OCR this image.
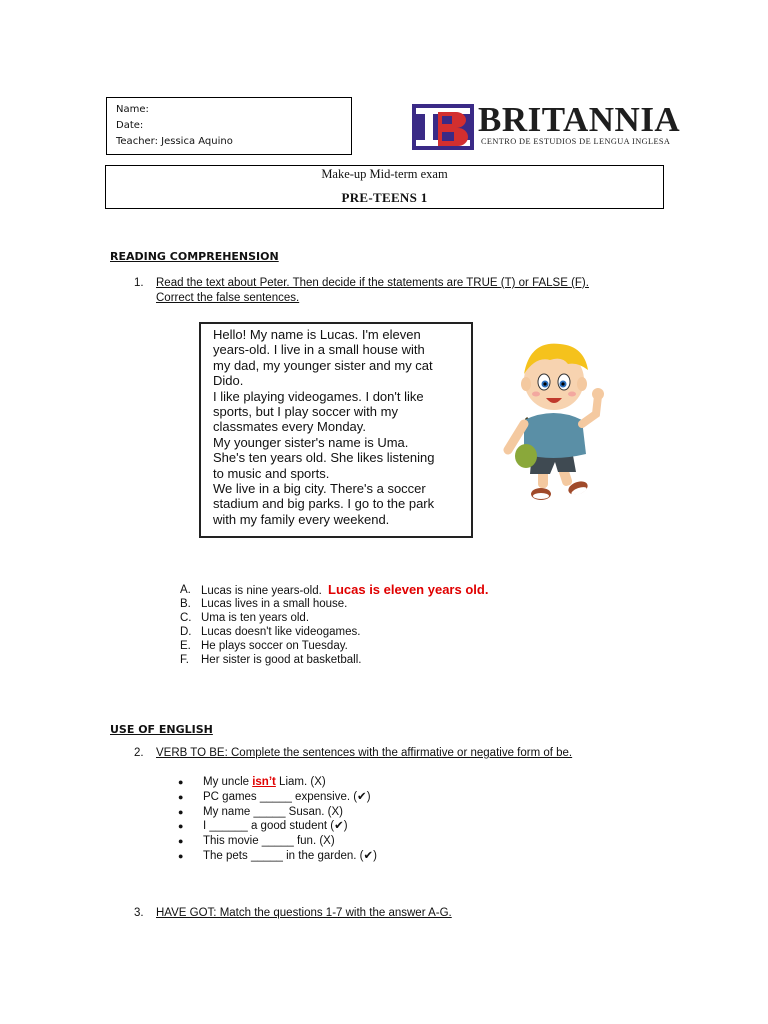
Name:
Date:
Teacher: Jessica Aquino
BRITANNIA
CENTRO DE ESTUDIOS DE LENGUA INGLESA
Make-up Mid-term exam
PRE-TEENS 1
READING COMPREHENSION
1. Read the text about Peter. Then decide if the statements are TRUE (T) or FALSE (F).
Correct the false sentences.
Hello! My name is Lucas. I'm eleven
years-old. I live in a small house with
my dad, my younger sister and my cat
Dido.
I like playing videogames. I don't like
sports, but I play soccer with my
classmates every Monday.
My younger sister's name is Uma.
She's ten years old. She likes listening
to music and sports.
We live in a big city. There's a soccer
stadium and big parks. I go to the park
with my family every weekend.
A. Lucas is nine years-old. Lucas is eleven years old.
B. Lucas lives in a small house.
C. Uma is ten years old.
D. Lucas doesn't like videogames.
E. He plays soccer on Tuesday.
F. Her sister is good at basketball.
USE OF ENGLISH
2. VERB TO BE: Complete the sentences with the affirmative or negative form of be.
● My uncle isn’t Liam. (X)
● PC games _____ expensive. (✔)
● My name _____ Susan. (X)
● I ______ a good student (✔)
● This movie _____ fun. (X)
● The pets _____ in the garden. (✔)
3. HAVE GOT: Match the questions 1-7 with the answer A-G.
